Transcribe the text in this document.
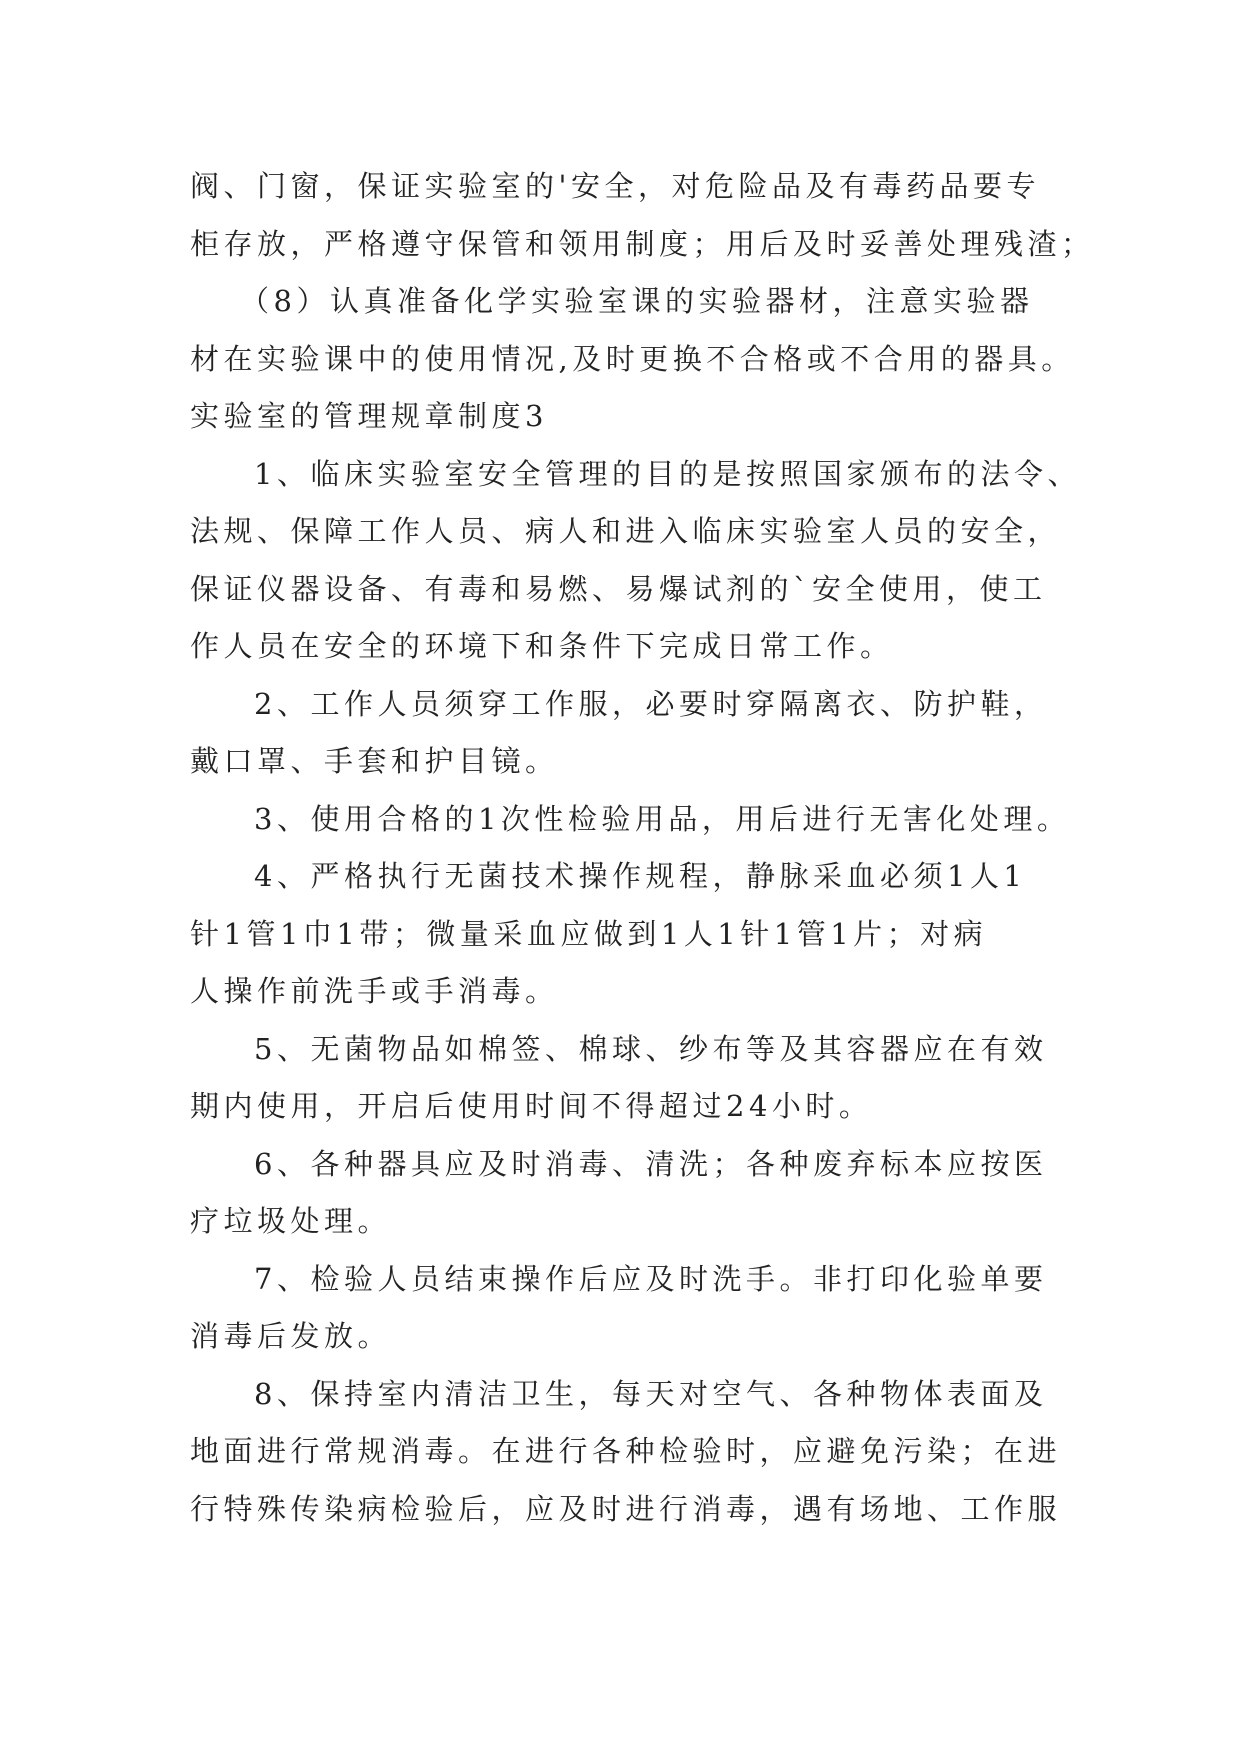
阀、门窗，保证实验室的'安全，对危险品及有毒药品要专
柜存放，严格遵守保管和领用制度；用后及时妥善处理残渣；
（8）认真准备化学实验室课的实验器材，注意实验器
材在实验课中的使用情况,及时更换不合格或不合用的器具。
实验室的管理规章制度3
1、临床实验室安全管理的目的是按照国家颁布的法令、
法规、保障工作人员、病人和进入临床实验室人员的安全，
保证仪器设备、有毒和易燃、易爆试剂的`安全使用，使工
作人员在安全的环境下和条件下完成日常工作。
2、工作人员须穿工作服，必要时穿隔离衣、防护鞋，
戴口罩、手套和护目镜。
3、使用合格的1次性检验用品，用后进行无害化处理。
4、严格执行无菌技术操作规程，静脉采血必须1人1
针1管1巾1带；微量采血应做到1人1针1管1片；对病
人操作前洗手或手消毒。
5、无菌物品如棉签、棉球、纱布等及其容器应在有效
期内使用，开启后使用时间不得超过24小时。
6、各种器具应及时消毒、清洗；各种废弃标本应按医
疗垃圾处理。
7、检验人员结束操作后应及时洗手。非打印化验单要
消毒后发放。
8、保持室内清洁卫生，每天对空气、各种物体表面及
地面进行常规消毒。在进行各种检验时，应避免污染；在进
行特殊传染病检验后，应及时进行消毒，遇有场地、工作服
